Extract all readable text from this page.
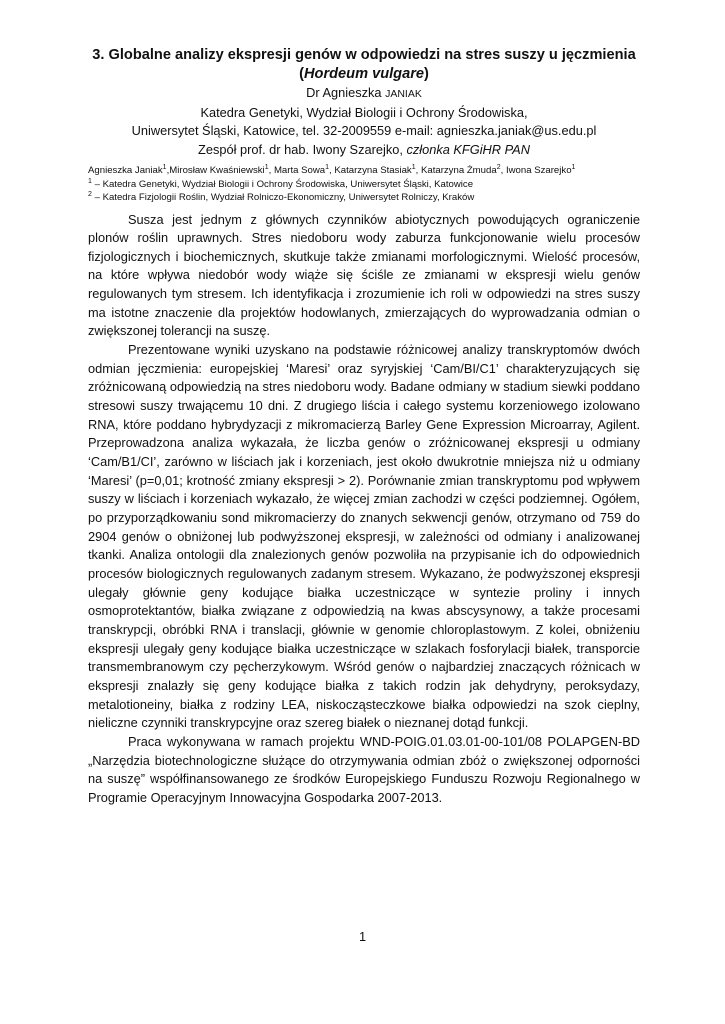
3. Globalne analizy ekspresji genów w odpowiedzi na stres suszy u jęczmienia
(Hordeum vulgare)

Dr Agnieszka JANIAK

Katedra Genetyki, Wydział Biologii i Ochrony Środowiska,

Uniwersytet Śląski, Katowice, tel. 32-2009559 e-mail: agnieszka.janiak@us.edu.pl

Zespół prof. dr hab. Iwony Szarejko, członka KFGiHR PAN

Agnieszka Janiak$^1$,Mirosław Kwaśniewski$^1$, Marta Sowa$^1$, Katarzyna Stasiak$^1$, Katarzyna Żmuda$^2$, Iwona Szarejko$^1$

$^1$ – Katedra Genetyki, Wydział Biologii i Ochrony Środowiska, Uniwersytet Śląski, Katowice

$^2$ – Katedra Fizjologii Roślin, Wydział Rolniczo-Ekonomiczny, Uniwersytet Rolniczy, Kraków

Susza jest jednym z głównych czynników abiotycznych powodujących ograniczenie plonów roślin uprawnych. Stres niedoboru wody zaburza funkcjonowanie wielu procesów fizjologicznych i biochemicznych, skutkuje także zmianami morfologicznymi. Wielość procesów, na które wpływa niedobór wody wiąże się ściśle ze zmianami w ekspresji wielu genów regulowanych tym stresem. Ich identyfikacja i zrozumienie ich roli w odpowiedzi na stres suszy ma istotne znaczenie dla projektów hodowlanych, zmierzających do wyprowadzania odmian o zwiększonej tolerancji na suszę.

Prezentowane wyniki uzyskano na podstawie różnicowej analizy transkryptomów dwóch odmian jęczmienia: europejskiej ‘Maresi’ oraz syryjskiej ‘Cam/BI/C1’ charakteryzujących się zróżnicowaną odpowiedzią na stres niedoboru wody. Badane odmiany w stadium siewki poddano stresowi suszy trwającemu 10 dni. Z drugiego liścia i całego systemu korzeniowego izolowano RNA, które poddano hybrydyzacji z mikromacierzą Barley Gene Expression Microarray, Agilent. Przeprowadzona analiza wykazała, że liczba genów o zróżnicowanej ekspresji u odmiany ‘Cam/B1/CI’, zarówno w liściach jak i korzeniach, jest około dwukrotnie mniejsza niż u odmiany ‘Maresi’ (p=0,01; krotność zmiany ekspresji > 2). Porównanie zmian transkryptomu pod wpływem suszy w liściach i korzeniach wykazało, że więcej zmian zachodzi w części podziemnej. Ogółem, po przyporządkowaniu sond mikromacierzy do znanych sekwencji genów, otrzymano od 759 do 2904 genów o obniżonej lub podwyższonej ekspresji, w zależności od odmiany i analizowanej tkanki. Analiza ontologii dla znalezionych genów pozwoliła na przypisanie ich do odpowiednich procesów biologicznych regulowanych zadanym stresem. Wykazano, że podwyższonej ekspresji ulegały głównie geny kodujące białka uczestniczące w syntezie proliny i innych osmoprotektantów, białka związane z odpowiedzią na kwas abscysynowy, a także procesami transkrypcji, obróbki RNA i translacji, głównie w genomie chloroplastowym. Z kolei, obniżeniu ekspresji ulegały geny kodujące białka uczestniczące w szlakach fosforylacji białek, transporcie transmembranowym czy pęcherzykowym. Wśród genów o najbardziej znaczących różnicach w ekspresji znalazły się geny kodujące białka z takich rodzin jak dehydryny, peroksydazy, metalotioneiny, białka z rodziny LEA, niskocząsteczkowe białka odpowiedzi na szok cieplny, nieliczne czynniki transkrypcyjne oraz szereg białek o nieznanej dotąd funkcji.

Praca wykonywana w ramach projektu WND-POIG.01.03.01-00-101/08 POLAPGEN-BD „Narzędzia biotechnologiczne służące do otrzymywania odmian zbóż o zwiększonej odporności na suszę” współfinansowanego ze środków Europejskiego Funduszu Rozwoju Regionalnego w Programie Operacyjnym Innowacyjna Gospodarka 2007-2013.

1
